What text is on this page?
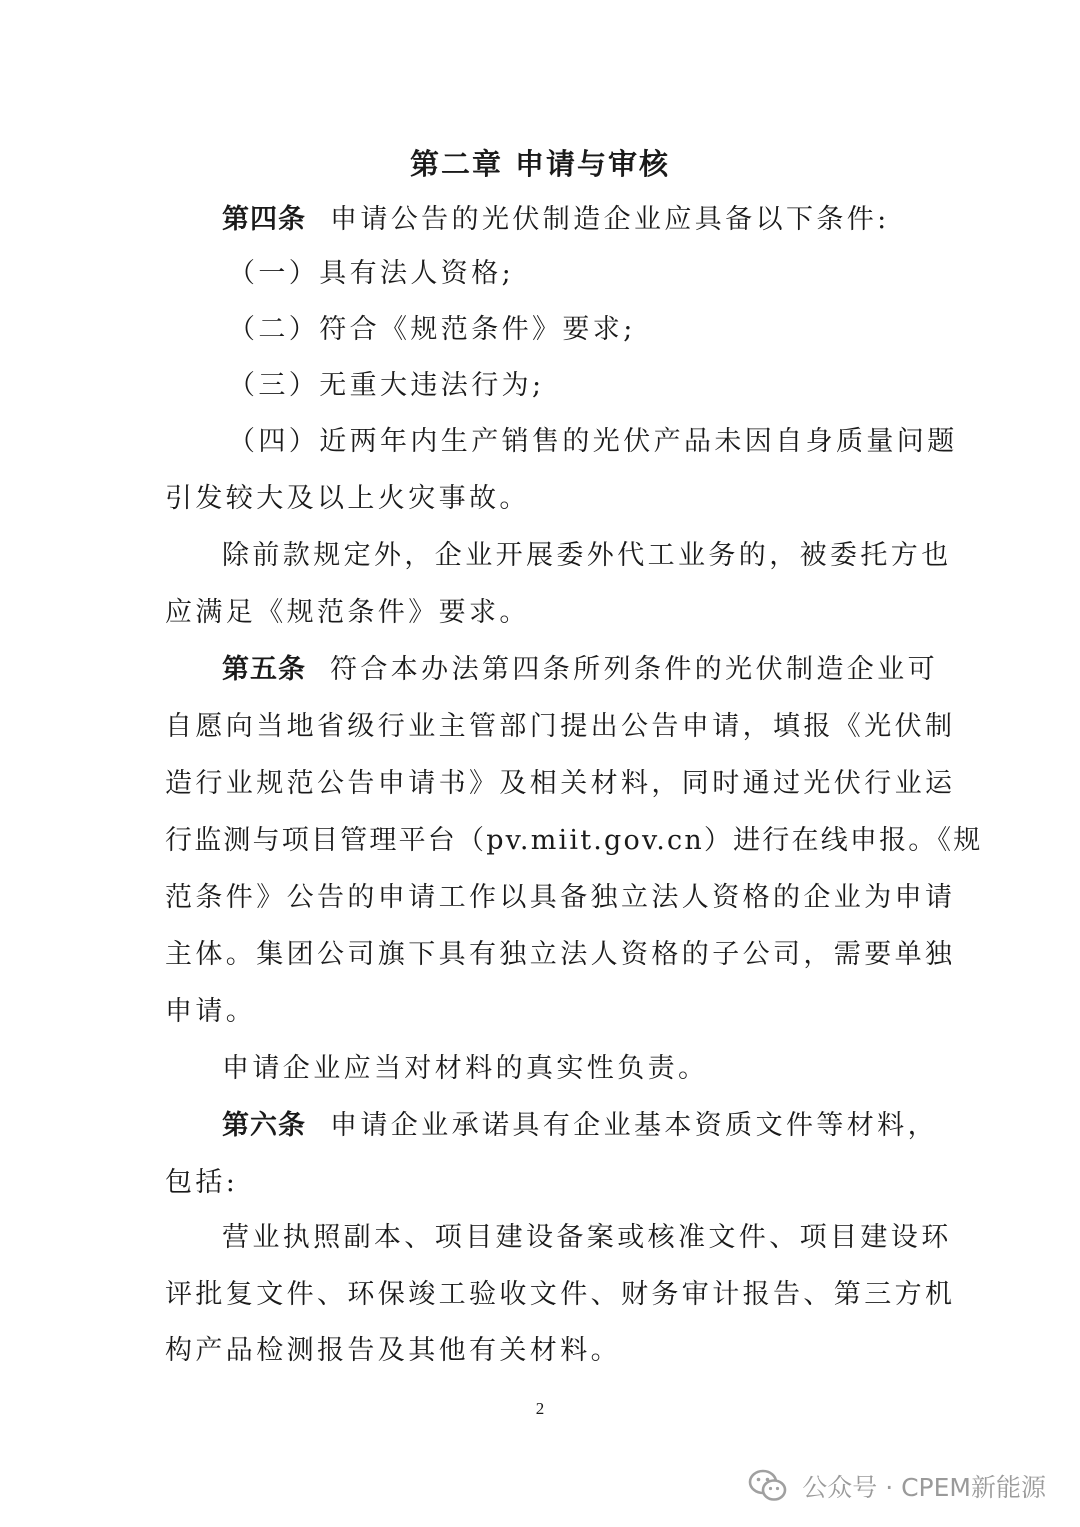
第二章 申请与审核
第四条 申请公告的光伏制造企业应具备以下条件:
（一）具有法人资格;
（二）符合《规范条件》要求;
（三）无重大违法行为;
（四）近两年内生产销售的光伏产品未因自身质量问题
引发较大及以上火灾事故。
除前款规定外，企业开展委外代工业务的，被委托方也
应满足《规范条件》要求。
第五条 符合本办法第四条所列条件的光伏制造企业可
自愿向当地省级行业主管部门提出公告申请，填报《光伏制
造行业规范公告申请书》及相关材料，同时通过光伏行业运
行监测与项目管理平台（pv.miit.gov.cn）进行在线申报。《规
范条件》公告的申请工作以具备独立法人资格的企业为申请
主体。集团公司旗下具有独立法人资格的子公司，需要单独
申请。
申请企业应当对材料的真实性负责。
第六条 申请企业承诺具有企业基本资质文件等材料，
包括:
营业执照副本、项目建设备案或核准文件、项目建设环
评批复文件、环保竣工验收文件、财务审计报告、第三方机
构产品检测报告及其他有关材料。
2
公众号 · CPEM新能源
